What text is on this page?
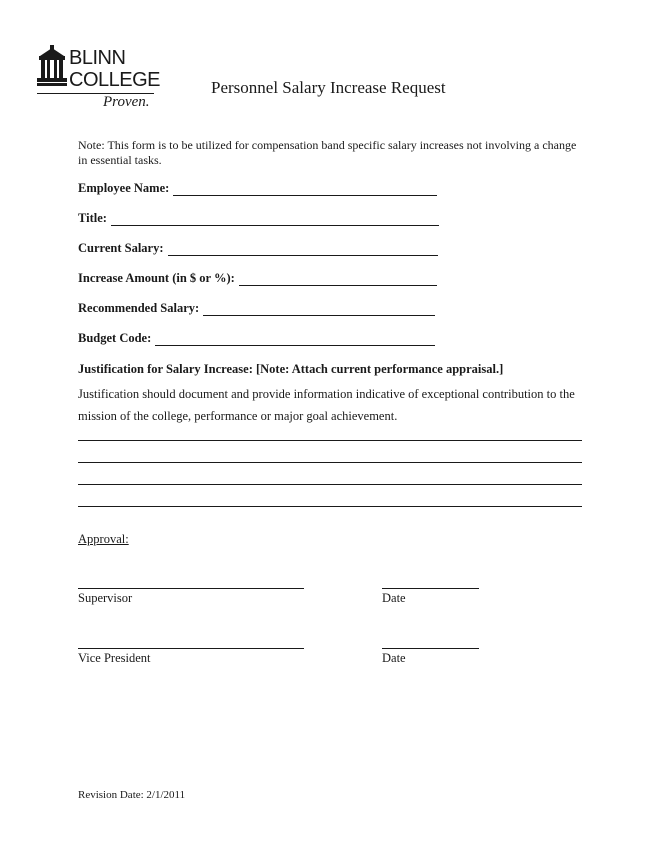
BLINN
COLLEGE
Proven.
Personnel Salary Increase Request
Note: This form is to be utilized for compensation band specific salary increases not involving a change in essential tasks.
Employee Name:
Title:
Current Salary:
Increase Amount (in $ or %):
Recommended Salary:
Budget Code:
Justification for Salary Increase: [Note: Attach current performance appraisal.]
Justification should document and provide information indicative of exceptional contribution to the mission of the college, performance or major goal achievement.
Approval:
Supervisor	Date
Vice President	Date
Revision Date: 2/1/2011
